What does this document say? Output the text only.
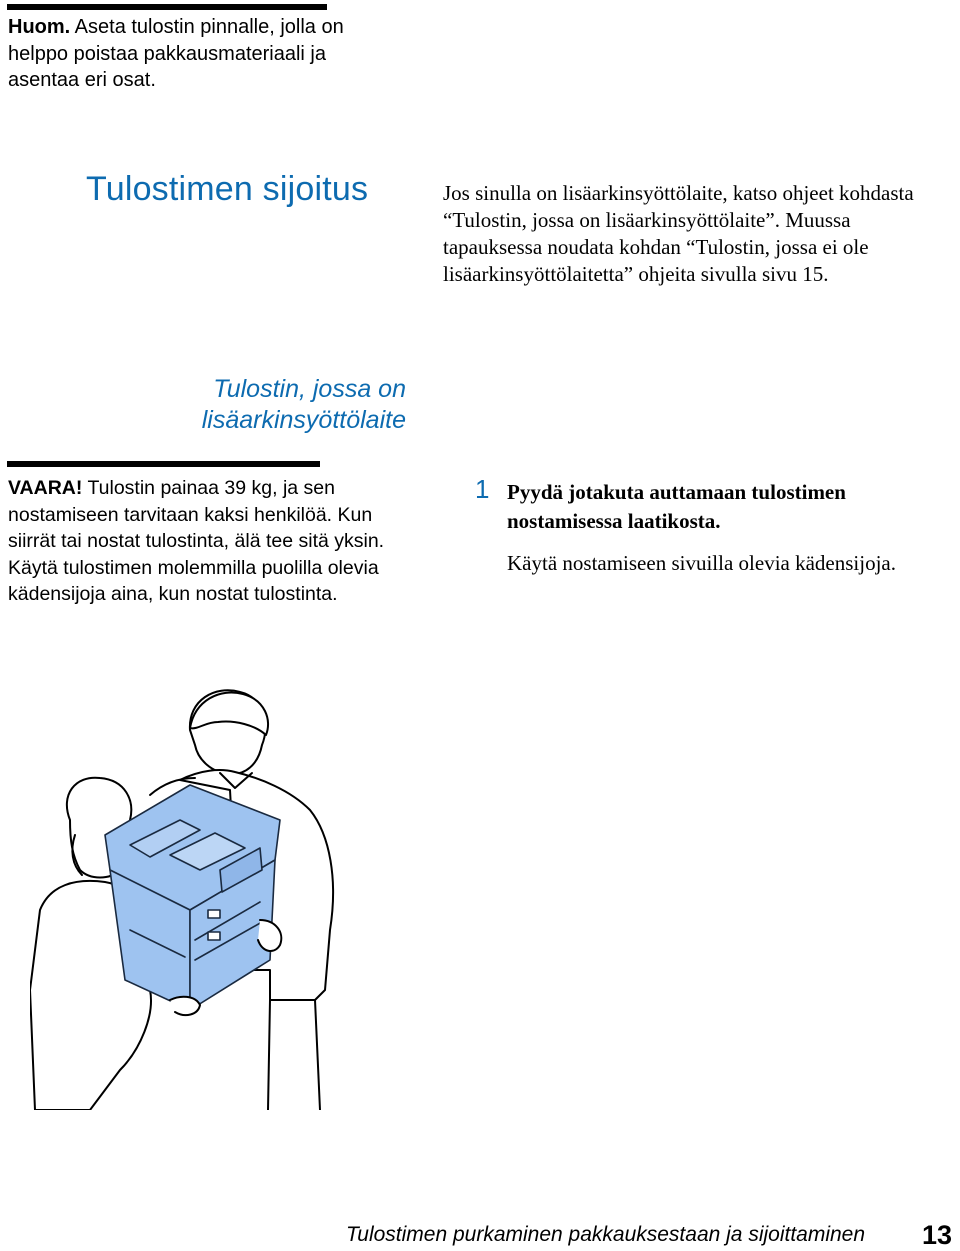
Huom. Aseta tulostin pinnalle, jolla on helppo poistaa pakkausmateriaali ja asentaa eri osat.
Tulostimen sijoitus	Jos sinulla on lisäarkinsyöttölaite, katso ohjeet kohdasta “Tulostin, jossa on lisäarkinsyöttölaite”. Muussa tapauksessa noudata kohdan “Tulostin, jossa ei ole lisäarkinsyöttölaitetta” ohjeita sivulla sivu 15.

Tulostin, jossa on lisäarkinsyöttölaite

VAARA! Tulostin painaa 39 kg, ja sen nostamiseen tarvitaan kaksi henkilöä. Kun siirrät tai nostat tulostinta, älä tee sitä yksin. Käytä tulostimen molemmilla puolilla olevia kädensijoja aina, kun nostat tulostinta.

1 Pyydä jotakuta auttamaan tulostimen nostamisessa laatikosta.

Käytä nostamiseen sivuilla olevia kädensijoja.

Tulostimen purkaminen pakkauksestaan ja sijoittaminen	13
